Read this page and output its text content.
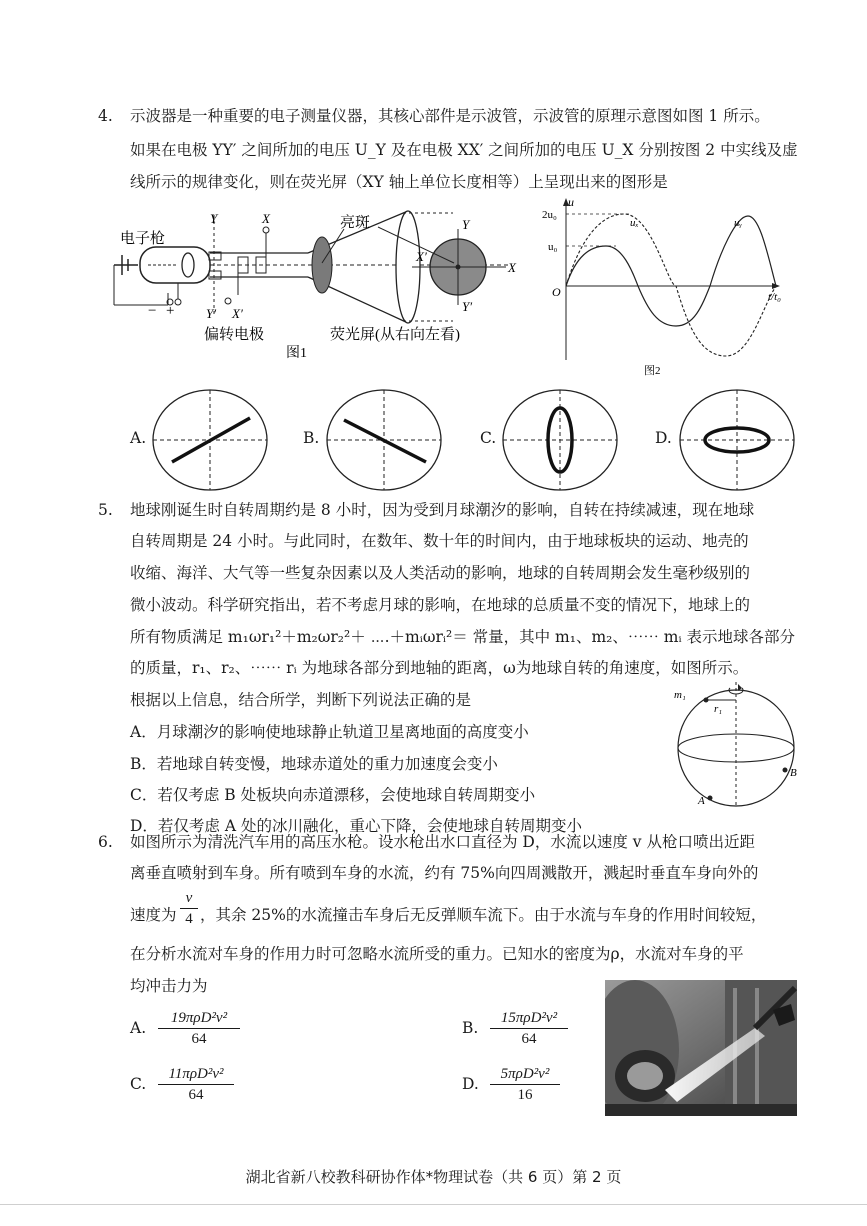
4. 示波器是一种重要的电子测量仪器，其核心部件是示波管，示波管的原理示意图如图 1 所示。
如果在电极 YY′ 之间所加的电压 U_Y 及在电极 XX′ 之间所加的电压 U_X 分别按图 2 中实线及虚
线所示的规律变化，则在荧光屏（XY 轴上单位长度相等）上呈现出来的图形是
电子枪
亮斑
− +
Y	X
Y′ X′
Y
X
X′
Y′
偏转电极	荧光屏(从右向左看)
图1
u
t/t₀
O
2u₀
u₀
uₓ	uᵧ
图2
A.	B.	C.	D.
5. 地球刚诞生时自转周期约是 8 小时，因为受到月球潮汐的影响，自转在持续减速，现在地球
自转周期是 24 小时。与此同时，在数年、数十年的时间内，由于地球板块的运动、地壳的
收缩、海洋、大气等一些复杂因素以及人类活动的影响，地球的自转周期会发生毫秒级别的
微小波动。科学研究指出，若不考虑月球的影响，在地球的总质量不变的情况下，地球上的
所有物质满足 m₁ωr₁²＋m₂ωr₂²＋ ⋯.＋mᵢωrᵢ²＝ 常量，其中 m₁、m₂、⋯⋯ mᵢ 表示地球各部分
的质量，r₁、r₂、⋯⋯ rᵢ 为地球各部分到地轴的距离，ω为地球自转的角速度，如图所示。
根据以上信息，结合所学，判断下列说法正确的是
A．月球潮汐的影响使地球静止轨道卫星离地面的高度变小
B．若地球自转变慢，地球赤道处的重力加速度会变小
C．若仅考虑 B 处板块向赤道漂移，会使地球自转周期变小
D．若仅考虑 A 处的冰川融化，重心下降，会使地球自转周期变小
m₁
r₁
B
A
6. 如图所示为清洗汽车用的高压水枪。设水枪出水口直径为 D，水流以速度 v 从枪口喷出近距
离垂直喷射到车身。所有喷到车身的水流，约有 75%向四周溅散开，溅起时垂直车身向外的
速度为 $\frac{v}{4}$ ，其余 25%的水流撞击车身后无反弹顺车流下。由于水流与车身的作用时间较短，
在分析水流对车身的作用力时可忽略水流所受的重力。已知水的密度为ρ，水流对车身的平
均冲击力为
A.
19πρD²v²
64
B.
15πρD²v²
64
C.
11πρD²v²
64
D.
5πρD²v²
16
湖北省新八校教科研协作体*物理试卷（共 6 页）第 2 页
